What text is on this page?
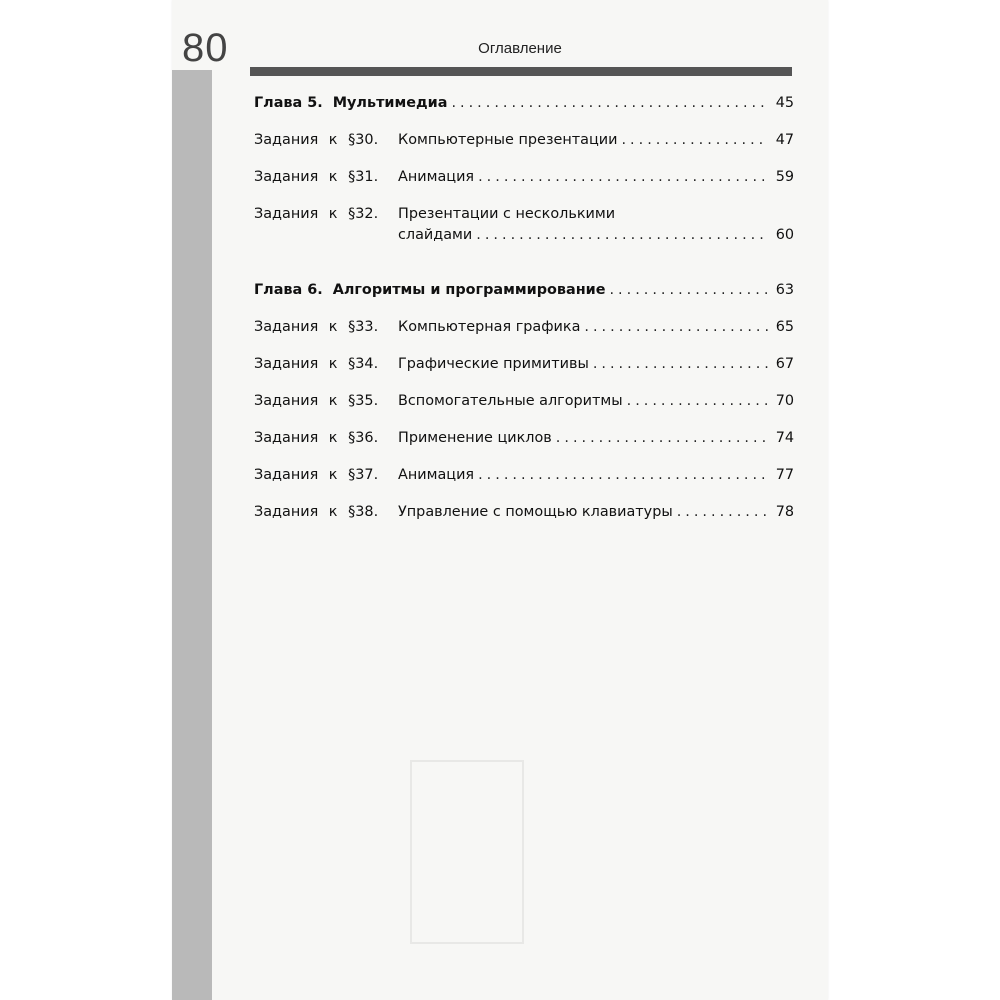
80	Оглавление
Глава 5. Мультимедиа .....	45
Задания к §30.	Компьютерные презентации .....	47
Задания к §31.	Анимация .....	59
Задания к §32.	Презентации с несколькими
слайдами .....	60
Глава 6. Алгоритмы и программирование .....	63
Задания к §33.	Компьютерная графика .....	65
Задания к §34.	Графические примитивы .....	67
Задания к §35.	Вспомогательные алгоритмы .....	70
Задания к §36.	Применение циклов .....	74
Задания к §37.	Анимация .....	77
Задания к §38.	Управление с помощью клавиатуры .....	78
